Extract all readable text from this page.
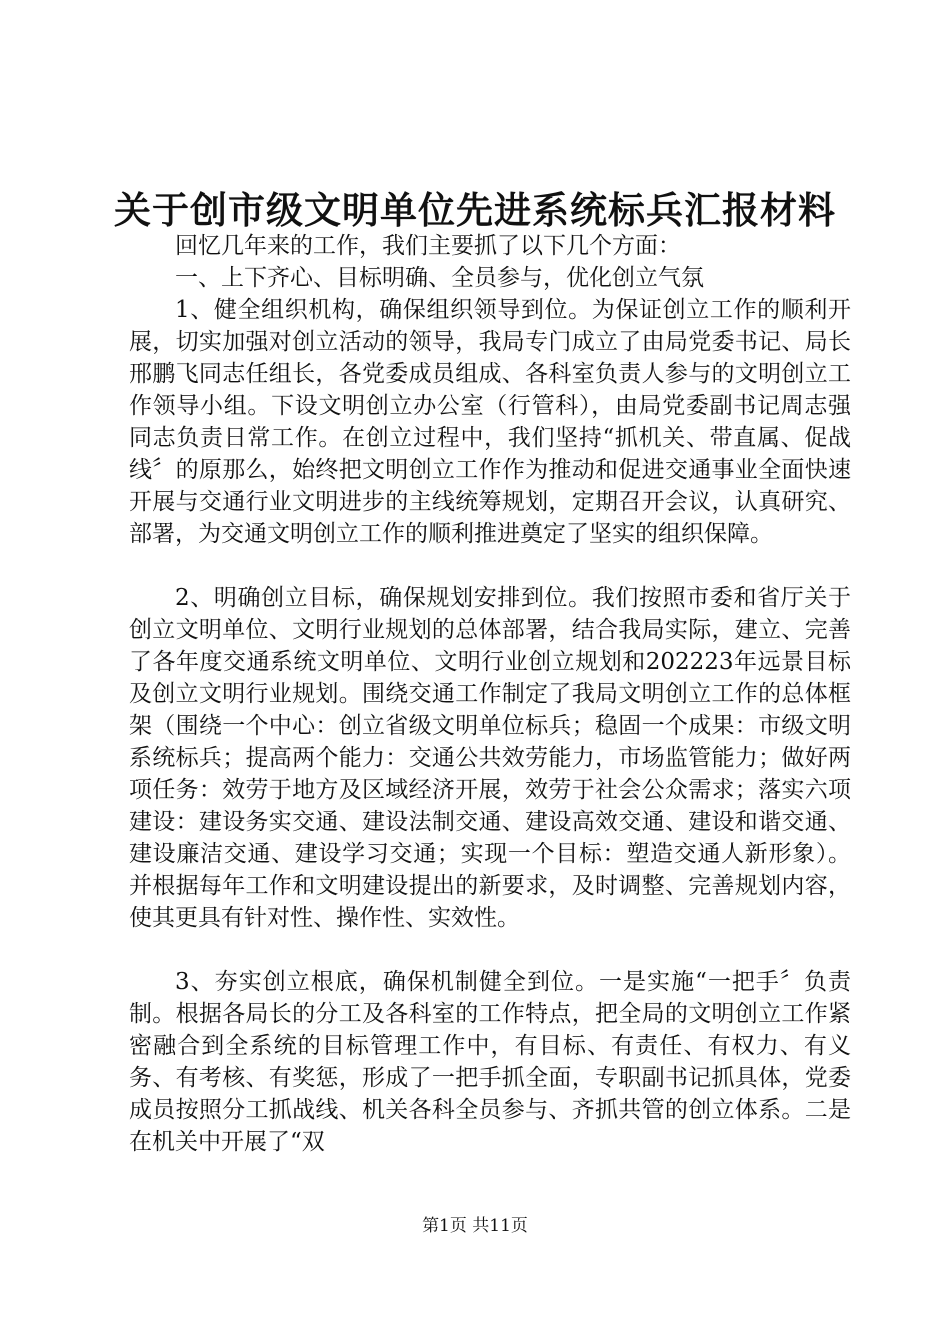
关于创市级文明单位先进系统标兵汇报材料

回忆几年来的工作，我们主要抓了以下几个方面：

一、上下齐心、目标明确、全员参与，优化创立气氛

1、健全组织机构，确保组织领导到位。为保证创立工作的顺利开展，切实加强对创立活动的领导，我局专门成立了由局党委书记、局长邢鹏飞同志任组长，各党委成员组成、各科室负责人参与的文明创立工作领导小组。下设文明创立办公室（行管科），由局党委副书记周志强同志负责日常工作。在创立过程中，我们坚持“抓机关、带直属、促战线〞的原那么，始终把文明创立工作作为推动和促进交通事业全面快速开展与交通行业文明进步的主线统筹规划，定期召开会议，认真研究、部署，为交通文明创立工作的顺利推进奠定了坚实的组织保障。

2、明确创立目标，确保规划安排到位。我们按照市委和省厅关于创立文明单位、文明行业规划的总体部署，结合我局实际，建立、完善了各年度交通系统文明单位、文明行业创立规划和202223年远景目标及创立文明行业规划。围绕交通工作制定了我局文明创立工作的总体框架（围绕一个中心：创立省级文明单位标兵；稳固一个成果：市级文明系统标兵；提高两个能力：交通公共效劳能力，市场监管能力；做好两项任务：效劳于地方及区域经济开展，效劳于社会公众需求；落实六项建设：建设务实交通、建设法制交通、建设高效交通、建设和谐交通、建设廉洁交通、建设学习交通；实现一个目标：塑造交通人新形象）。并根据每年工作和文明建设提出的新要求，及时调整、完善规划内容，使其更具有针对性、操作性、实效性。

3、夯实创立根底，确保机制健全到位。一是实施“一把手〞负责制。根据各局长的分工及各科室的工作特点，把全局的文明创立工作紧密融合到全系统的目标管理工作中，有目标、有责任、有权力、有义务、有考核、有奖惩，形成了一把手抓全面，专职副书记抓具体，党委成员按照分工抓战线、机关各科全员参与、齐抓共管的创立体系。二是在机关中开展了“双

第1页 共11页
